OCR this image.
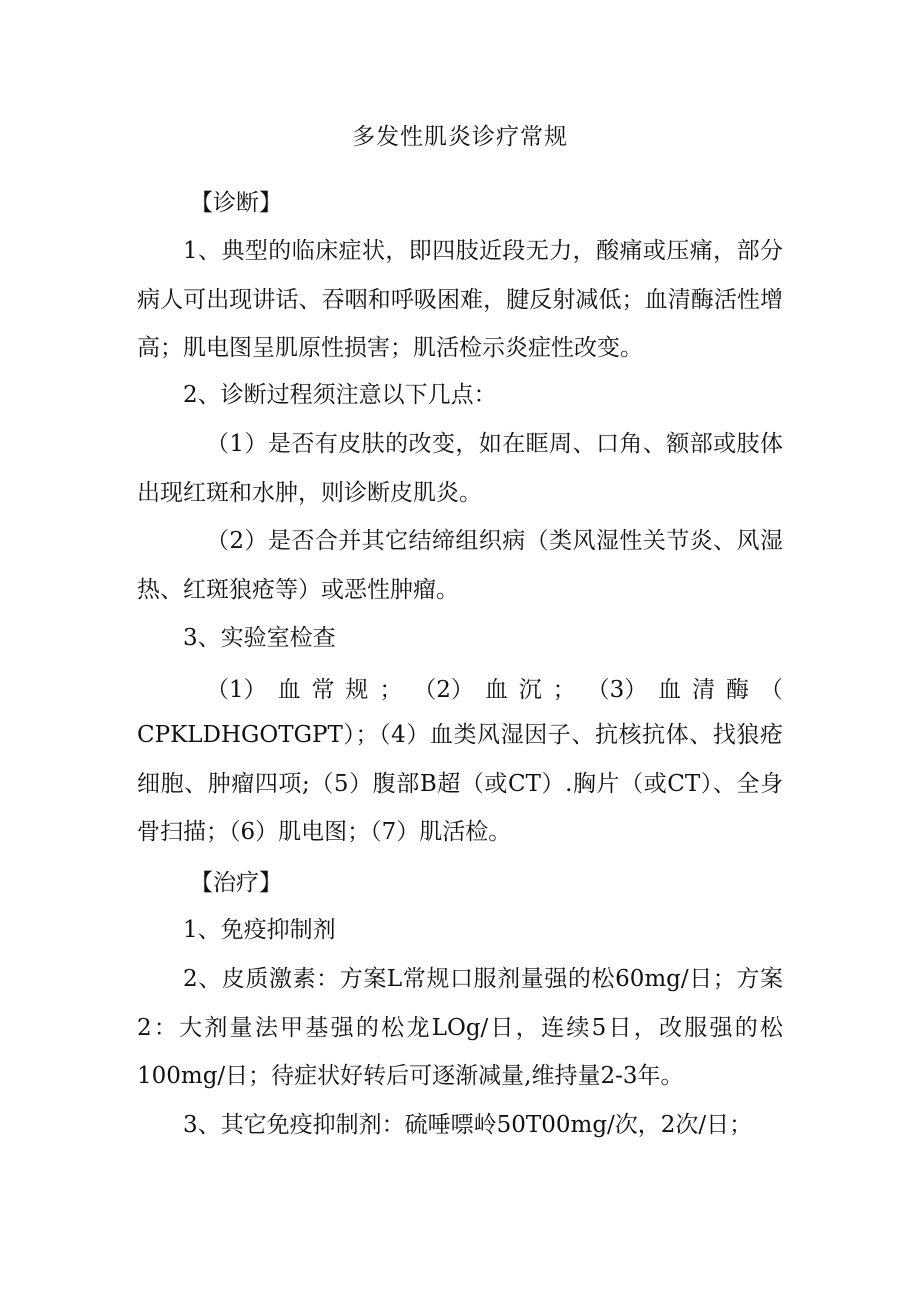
多发性肌炎诊疗常规
【诊断】

1、典型的临床症状，即四肢近段无力，酸痛或压痛，部分病人可出现讲话、吞咽和呼吸困难，腱反射减低；血清酶活性增高；肌电图呈肌原性损害；肌活检示炎症性改变。

2、诊断过程须注意以下几点：

（1）是否有皮肤的改变，如在眶周、口角、额部或肢体出现红斑和水肿，则诊断皮肌炎。

（2）是否合并其它结缔组织病（类风湿性关节炎、风湿热、红斑狼疮等）或恶性肿瘤。

3、实验室检查

（1） 血 常 规 ； （2） 血 沉 ； （3） 血 清 酶 （

CPKLDHGOTGPT）；（4）血类风湿因子、抗核抗体、找狼疮细胞、肿瘤四项;（5）腹部B超（或CT）.胸片（或CT）、全身骨扫描；（6）肌电图；（7）肌活检。

【治疗】

1、免疫抑制剂

2、皮质激素：方案L常规口服剂量强的松60mg/日；方案2：大剂量法甲基强的松龙LOg/日，连续5日，改服强的松100mg/日；待症状好转后可逐渐减量,维持量2-3年。

3、其它免疫抑制剂：硫唾嘌岭50T00mg/次，2次/日；
